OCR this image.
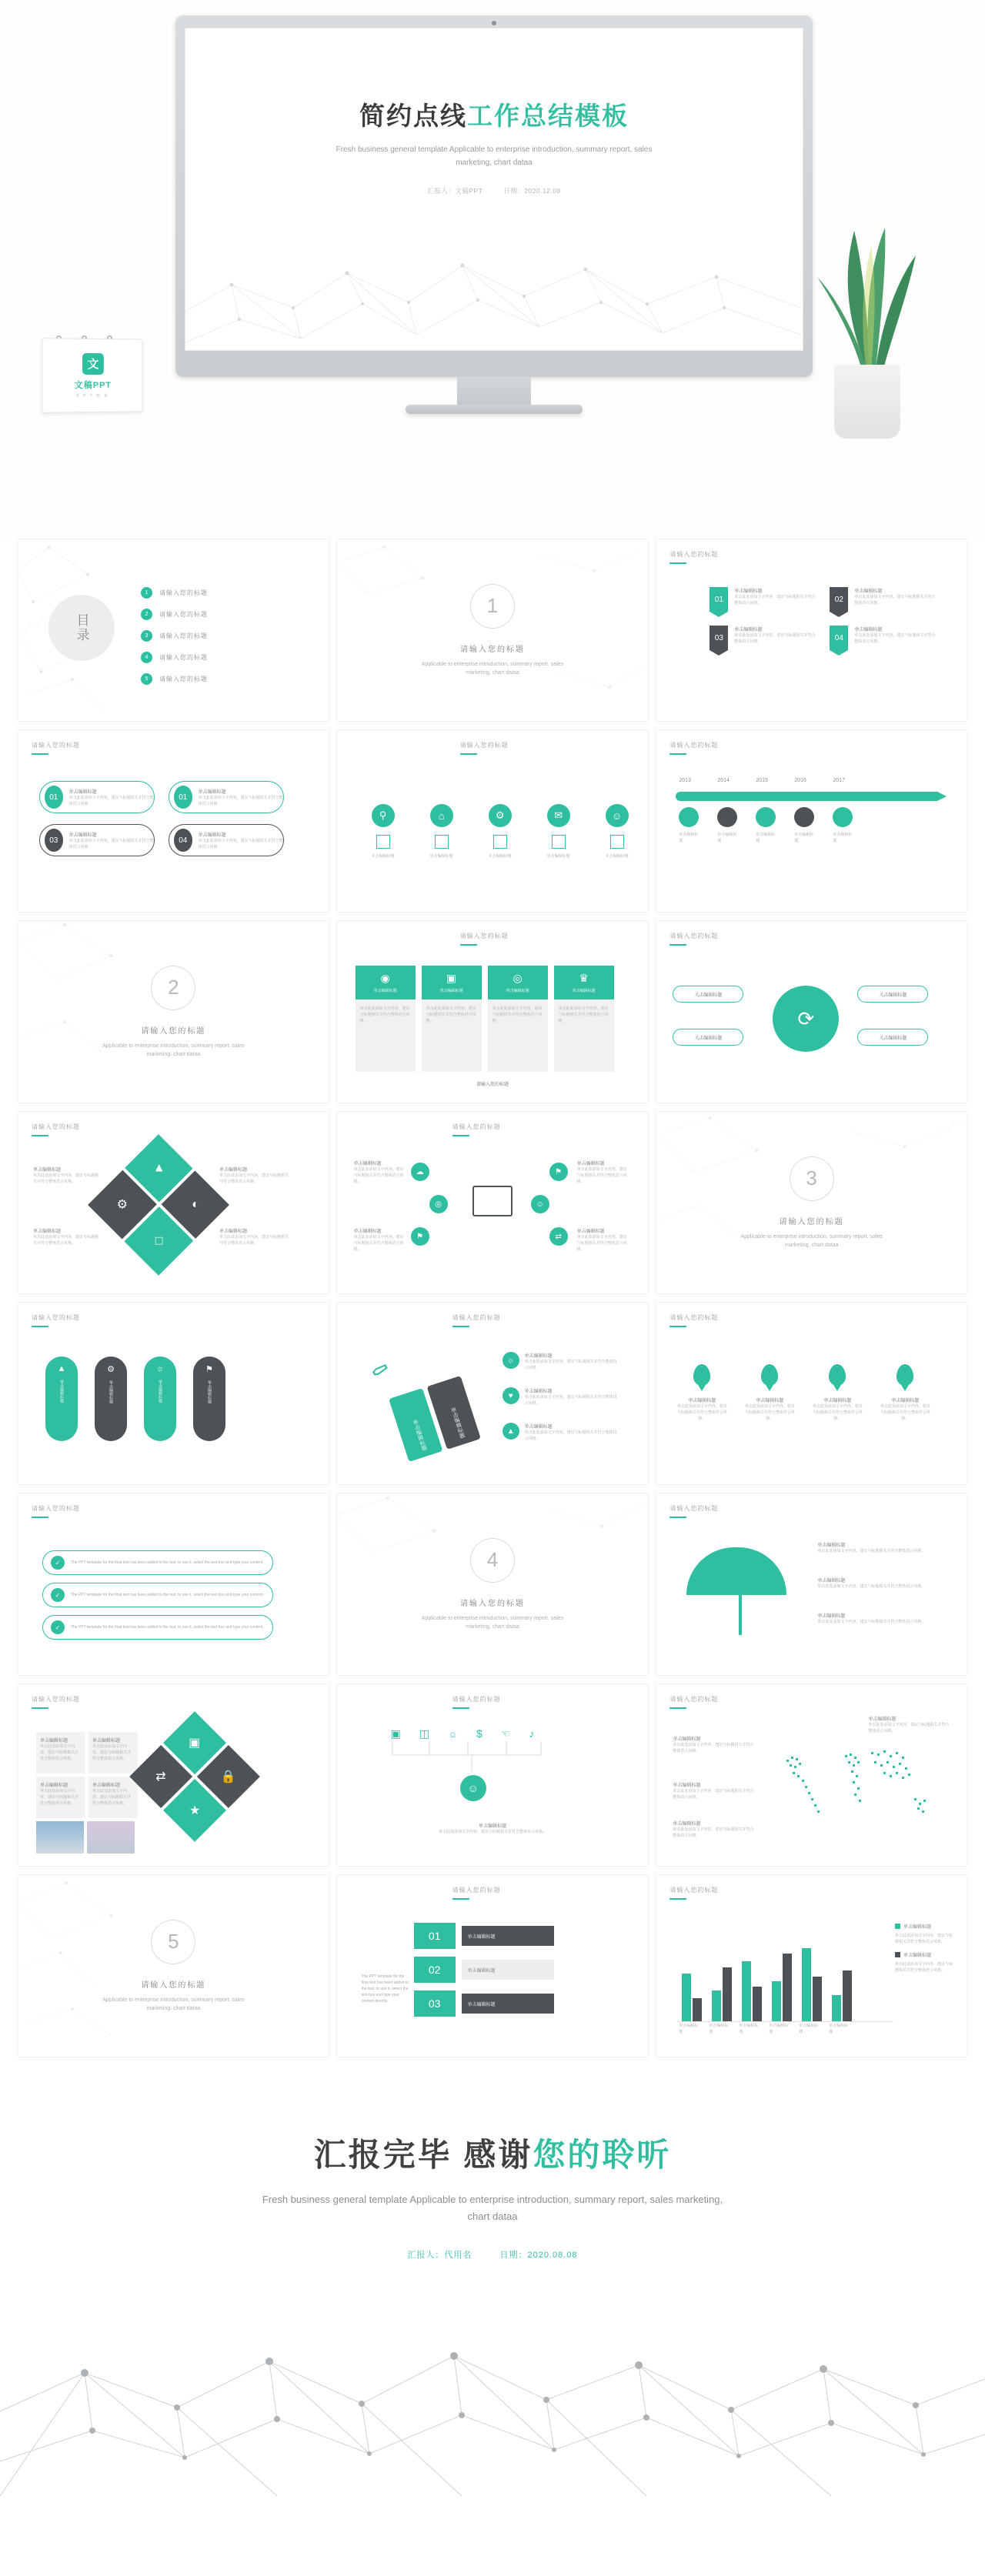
简约点线工作总结模板
Fresh business general template Applicable to enterprise introduction, summary report, sales marketing, chart dataa
汇报人：文稿PPT	日期：2020.12.08
文
文稿PPT
P P T 模 板
目录
1	请输入您的标题
2	请输入您的标题
3	请输入您的标题
4	请输入您的标题
5	请输入您的标题
1
请输入您的标题
Applicable to enterprise introduction, summary report, sales marketing, chart dataa
请输入您的标题
01
单击编辑标题
单击此处添加文字内容，建议与标题相关并符合整体语言风格。	02
单击编辑标题
单击此处添加文字内容，建议与标题相关并符合整体语言风格。
03
单击编辑标题
单击此处添加文字内容，建议与标题相关并符合整体语言风格。	04
单击编辑标题
单击此处添加文字内容，建议与标题相关并符合整体语言风格。
请输入您的标题
01
单击编辑标题
单击此处添加文字内容，建议与标题相关并符合整体语言风格。
01
单击编辑标题
单击此处添加文字内容，建议与标题相关并符合整体语言风格。
03
单击编辑标题
单击此处添加文字内容，建议与标题相关并符合整体语言风格。
04
单击编辑标题
单击此处添加文字内容，建议与标题相关并符合整体语言风格。
请输入您的标题
⚲
单击编辑标题
⌂
单击编辑标题
⚙
单击编辑标题
✉
单击编辑标题
☺
单击编辑标题
请输入您的标题
2013	2014	2015	2016	2017
单击编辑标题
单击编辑标题
单击编辑标题
单击编辑标题
单击编辑标题
2
请输入您的标题
Applicable to enterprise introduction, summary report, sales marketing, chart dataa
请输入您的标题
◉
单击编辑标题
单击此处添加文字内容，建议与标题相关并符合整体语言风格。
▣
单击编辑标题
单击此处添加文字内容，建议与标题相关并符合整体语言风格。
◎
单击编辑标题
单击此处添加文字内容，建议与标题相关并符合整体语言风格。
♛
单击编辑标题
单击此处添加文字内容，建议与标题相关并符合整体语言风格。
请输入您的标题
请输入您的标题
⟳
关击编辑标题
关击编辑标题
关击编辑标题
关击编辑标题
请输入您的标题
▲
◐
⚙
□
单击编辑标题
单击此处添加文字内容，建议与标题相关并符合整体语言风格。
单击编辑标题
单击此处添加文字内容，建议与标题相关并符合整体语言风格。
单击编辑标题
单击此处添加文字内容，建议与标题相关并符合整体语言风格。
单击编辑标题
单击此处添加文字内容，建议与标题相关并符合整体语言风格。
请输入您的标题
☁
⚑
⚑
⇄
◎	☺
单击编辑标题
单击此处添加文字内容，建议与标题相关并符合整体语言风格。
单击编辑标题
单击此处添加文字内容，建议与标题相关并符合整体语言风格。
单击编辑标题
单击此处添加文字内容，建议与标题相关并符合整体语言风格。
单击编辑标题
单击此处添加文字内容，建议与标题相关并符合整体语言风格。
3
请输入您的标题
Applicable to enterprise introduction, summary report, sales marketing, chart dataa
请输入您的标题
▲
单击编辑标题
⚙
单击编辑标题
☼
单击编辑标题
⚑
单击编辑标题
请输入您的标题
⚰
单击编辑标题	单击编辑标题
☼	单击编辑标题
单击此处添加文字内容，建议与标题相关并符合整体语言风格。
♥	单击编辑标题
单击此处添加文字内容，建议与标题相关并符合整体语言风格。
▲	单击编辑标题
单击此处添加文字内容，建议与标题相关并符合整体语言风格。
请输入您的标题
单击编辑标题
单击此处添加文字内容，建议与标题相关并符合整体语言风格。
单击编辑标题
单击此处添加文字内容，建议与标题相关并符合整体语言风格。
单击编辑标题
单击此处添加文字内容，建议与标题相关并符合整体语言风格。
单击编辑标题
单击此处添加文字内容，建议与标题相关并符合整体语言风格。
请输入您的标题
✓	The PPT template for the final text has been added to the text, to use it, select the text box and type your content.
✓	The PPT template for the final text has been added to the text, to use it, select the text box and type your content.
✓	The PPT template for the final text has been added to the text, to use it, select the text box and type your content.
4
请输入您的标题
Applicable to enterprise introduction, summary report, sales marketing, chart dataa
请输入您的标题
单击编辑标题
单击此处添加文字内容，建议与标题相关并符合整体语言风格。
单击编辑标题
单击此处添加文字内容，建议与标题相关并符合整体语言风格。
单击编辑标题
单击此处添加文字内容，建议与标题相关并符合整体语言风格。
请输入您的标题
单击编辑标题
单击此处添加文字内容，建议与标题相关并符合整体语言风格。
单击编辑标题
单击此处添加文字内容，建议与标题相关并符合整体语言风格。
单击编辑标题
单击此处添加文字内容，建议与标题相关并符合整体语言风格。
单击编辑标题
单击此处添加文字内容，建议与标题相关并符合整体语言风格。
▣
🔒
⇄
★
请输入您的标题
▣ ◫ ☼ $ ☜ ♪
☺
单击编辑标题
单击此处添加文字内容，建议与标题相关并符合整体语言风格。
请输入您的标题
单击编辑标题
单击此处添加文字内容，建议与标题相关并符合整体语言风格。
单击编辑标题
单击此处添加文字内容，建议与标题相关并符合整体语言风格。
单击编辑标题
单击此处添加文字内容，建议与标题相关并符合整体语言风格。
单击编辑标题
单击此处添加文字内容，建议与标题相关并符合整体语言风格。
5
请输入您的标题
Applicable to enterprise introduction, summary report, sales marketing, chart dataa
请输入您的标题
01	单击编辑标题
02	单击编辑标题
03	单击编辑标题
The PPT template for the final text has been added to the text, to use it, select the text box and type your content directly.
请输入您的标题
单击编辑标题
单击编辑标题
单击编辑标题
单击编辑标题
单击编辑标题
单击编辑标题
单击编辑标题
单击此处添加文字内容，建议与标题相关并符合整体语言风格。
单击编辑标题
单击此处添加文字内容，建议与标题相关并符合整体语言风格。
汇报完毕 感谢您的聆听
Fresh business general template Applicable to enterprise introduction, summary report, sales marketing, chart dataa
汇报人：代用名	日期：2020.08.08
